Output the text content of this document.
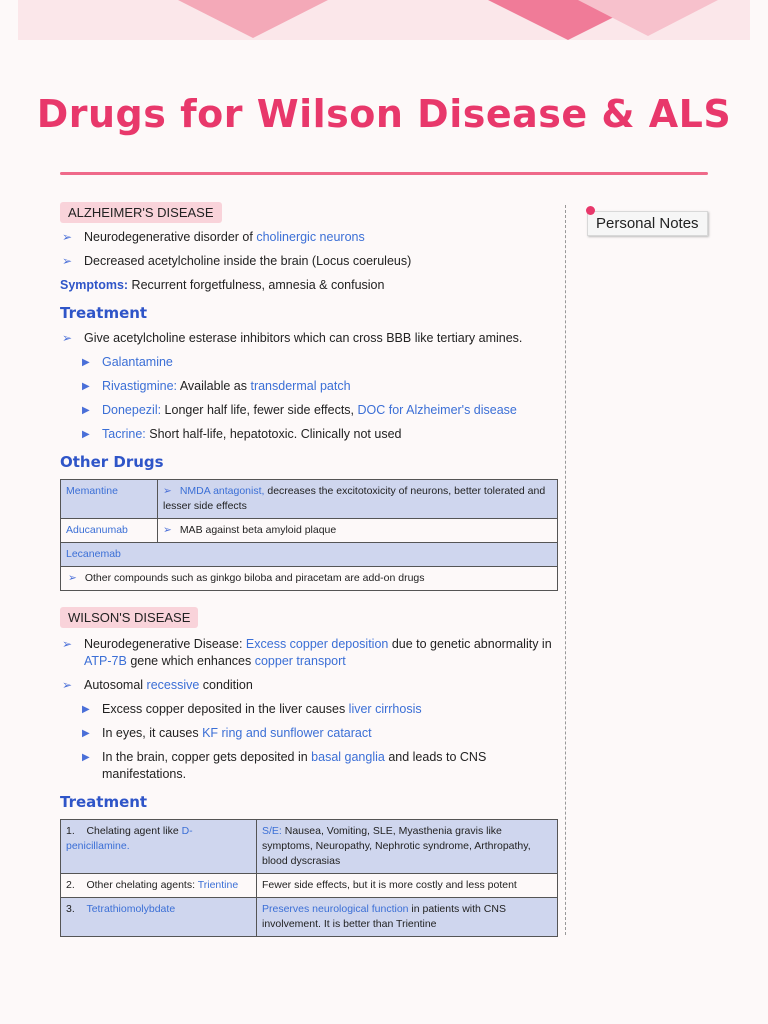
Drugs for Wilson Disease & ALS
Personal Notes
ALZHEIMER'S DISEASE
➢ Neurodegenerative disorder of cholinergic neurons
➢ Decreased acetylcholine inside the brain (Locus coeruleus)
Symptoms: Recurrent forgetfulness, amnesia & confusion
Treatment
➢ Give acetylcholine esterase inhibitors which can cross BBB like tertiary amines.
▶ Galantamine
▶ Rivastigmine: Available as transdermal patch
▶ Donepezil: Longer half life, fewer side effects, DOC for Alzheimer's disease
▶ Tacrine: Short half-life, hepatotoxic. Clinically not used
Other Drugs
Memantine	➢ NMDA antagonist, decreases the excitotoxicity of neurons, better tolerated and lesser side effects
Aducanumab	➢ MAB against beta amyloid plaque
Lecanemab	
➢ Other compounds such as ginkgo biloba and piracetam are add-on drugs	
WILSON'S DISEASE
➢ Neurodegenerative Disease: Excess copper deposition due to genetic abnormality in ATP-7B gene which enhances copper transport
➢ Autosomal recessive condition
▶ Excess copper deposited in the liver causes liver cirrhosis
▶ In eyes, it causes KF ring and sunflower cataract
▶ In the brain, copper gets deposited in basal ganglia and leads to CNS manifestations.
Treatment
1. Chelating agent like D-penicillamine.	S/E: Nausea, Vomiting, SLE, Myasthenia gravis like symptoms, Neuropathy, Nephrotic syndrome, Arthropathy, blood dyscrasias
2. Other chelating agents: Trientine	Fewer side effects, but it is more costly and less potent
3. Tetrathiomolybdate	Preserves neurological function in patients with CNS involvement. It is better than Trientine
